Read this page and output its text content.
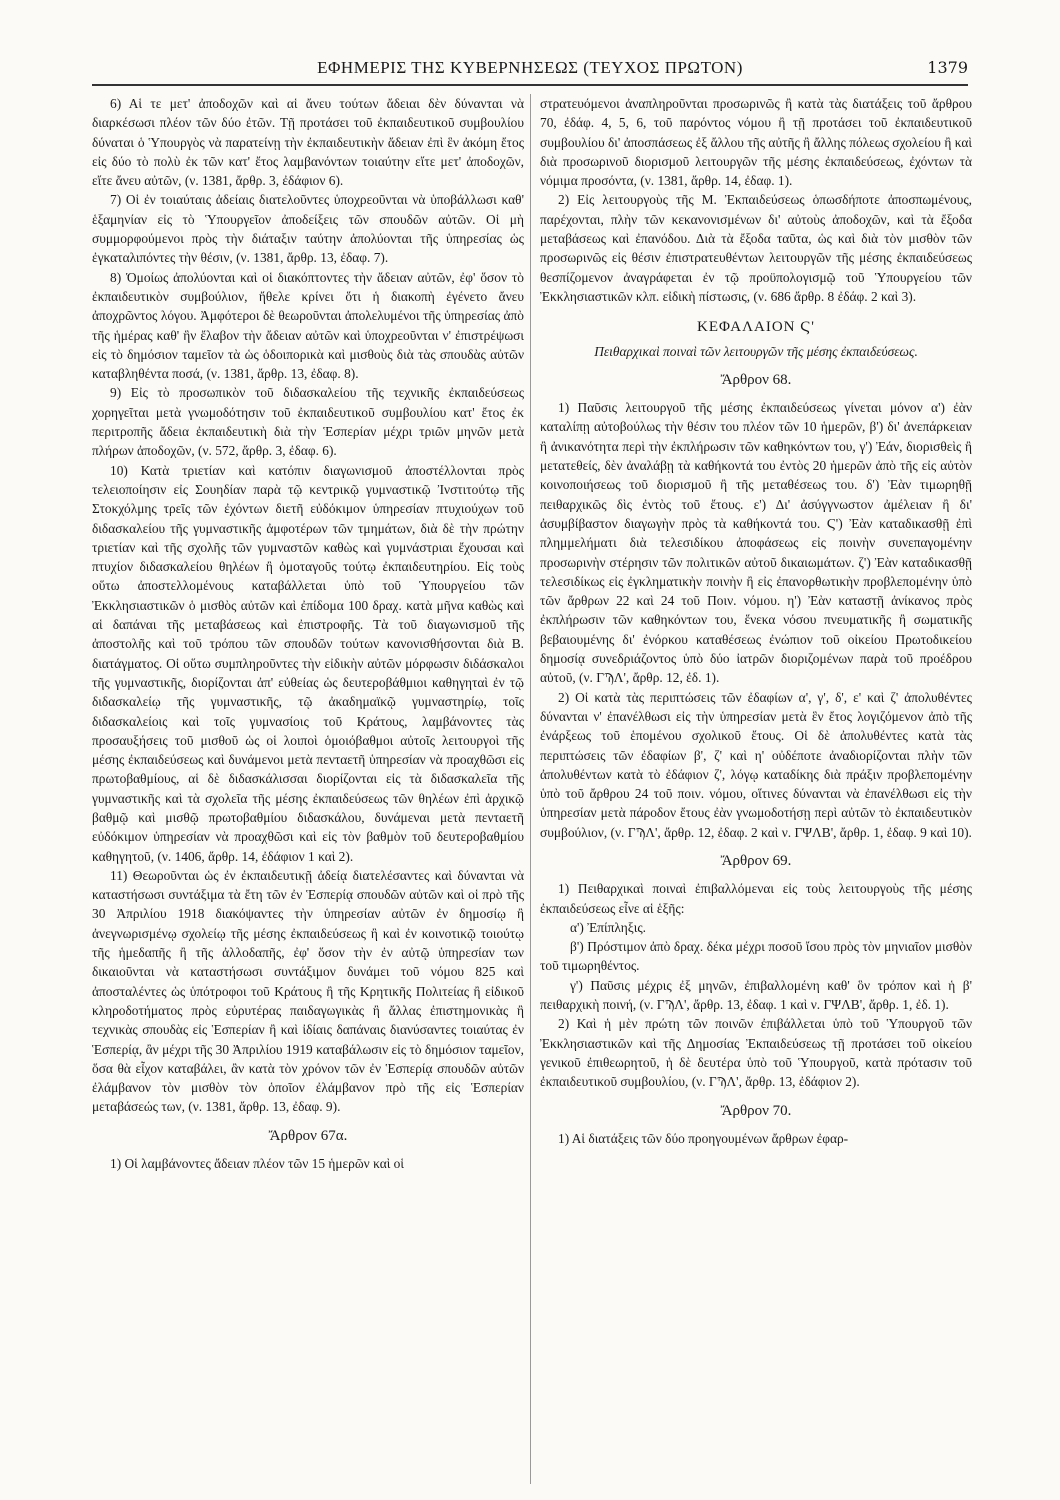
ΕΦΗΜΕΡΙΣ ΤΗΣ ΚΥΒΕΡΝΗΣΕΩΣ (ΤΕΥΧΟΣ ΠΡΩΤΟΝ)	1379

6) Αἱ τε μετ' ἀποδοχῶν καὶ αἱ ἄνευ τούτων ἄδειαι δὲν δύνανται νὰ διαρκέσωσι πλέον τῶν δύο ἐτῶν. Τῇ προτάσει τοῦ ἐκπαιδευτικοῦ συμβουλίου δύναται ὁ Ὑπουργὸς νὰ παρατείνῃ τὴν ἐκπαιδευτικὴν ἄδειαν ἐπὶ ἓν ἀκόμη ἔτος εἰς δύο τὸ πολὺ ἐκ τῶν κατ' ἔτος λαμβανόντων τοιαύτην εἴτε μετ' ἀποδοχῶν, εἴτε ἄνευ αὐτῶν, (ν. 1381, ἄρθρ. 3, ἐδάφιον 6).

7) Οἱ ἐν τοιαύταις ἀδείαις διατελοῦντες ὑποχρεοῦνται νὰ ὑποβάλλωσι καθ' ἑξαμηνίαν εἰς τὸ Ὑπουργεῖον ἀποδείξεις τῶν σπουδῶν αὐτῶν. Οἱ μὴ συμμορφούμενοι πρὸς τὴν διάταξιν ταύτην ἀπολύονται τῆς ὑπηρεσίας ὡς ἐγκαταλιπόντες τὴν θέσιν, (ν. 1381, ἄρθρ. 13, ἐδαφ. 7).

8) Ὁμοίως ἀπολύονται καὶ οἱ διακόπτοντες τὴν ἄδειαν αὐτῶν, ἐφ' ὅσον τὸ ἐκπαιδευτικὸν συμβούλιον, ἤθελε κρίνει ὅτι ἡ διακοπὴ ἐγένετο ἄνευ ἀποχρῶντος λόγου. Ἀμφότεροι δὲ θεωροῦνται ἀπολελυμένοι τῆς ὑπηρεσίας ἀπὸ τῆς ἡμέρας καθ' ἣν ἔλαβον τὴν ἄδειαν αὐτῶν καὶ ὑποχρεοῦνται ν' ἐπιστρέψωσι εἰς τὸ δημόσιον ταμεῖον τὰ ὡς ὁδοιπορικὰ καὶ μισθοὺς διὰ τὰς σπουδὰς αὐτῶν καταβληθέντα ποσά, (ν. 1381, ἄρθρ. 13, ἐδαφ. 8).

9) Εἰς τὸ προσωπικὸν τοῦ διδασκαλείου τῆς τεχνικῆς ἐκπαιδεύσεως χορηγεῖται μετὰ γνωμοδότησιν τοῦ ἐκπαιδευτικοῦ συμβουλίου κατ' ἔτος ἐκ περιτροπῆς ἄδεια ἐκπαιδευτικὴ διὰ τὴν Ἑσπερίαν μέχρι τριῶν μηνῶν μετὰ πλήρων ἀποδοχῶν, (ν. 572, ἄρθρ. 3, ἐδαφ. 6).

10) Κατὰ τριετίαν καὶ κατόπιν διαγωνισμοῦ ἀποστέλλονται πρὸς τελειοποίησιν εἰς Σουηδίαν παρὰ τῷ κεντρικῷ γυμναστικῷ Ἰνστιτούτῳ τῆς Στοκχόλμης τρεῖς τῶν ἐχόντων διετῆ εὐδόκιμον ὑπηρεσίαν πτυχιούχων τοῦ διδασκαλείου τῆς γυμναστικῆς ἀμφοτέρων τῶν τμημάτων, διὰ δὲ τὴν πρώτην τριετίαν καὶ τῆς σχολῆς τῶν γυμναστῶν καθὼς καὶ γυμνάστριαι ἔχουσαι καὶ πτυχίον διδασκαλείου θηλέων ἢ ὁμοταγοῦς τούτῳ ἐκπαιδευτηρίου. Εἰς τοὺς οὕτω ἀποστελλομένους καταβάλλεται ὑπὸ τοῦ Ὑπουργείου τῶν Ἐκκλησιαστικῶν ὁ μισθὸς αὐτῶν καὶ ἐπίδομα 100 δραχ. κατὰ μῆνα καθὼς καὶ αἱ δαπάναι τῆς μεταβάσεως καὶ ἐπιστροφῆς. Τὰ τοῦ διαγωνισμοῦ τῆς ἀποστολῆς καὶ τοῦ τρόπου τῶν σπουδῶν τούτων κανονισθήσονται διὰ Β. διατάγματος. Οἱ οὕτω συμπληροῦντες τὴν εἰδικὴν αὐτῶν μόρφωσιν διδάσκαλοι τῆς γυμναστικῆς, διορίζονται ἀπ' εὐθείας ὡς δευτεροβάθμιοι καθηγηταὶ ἐν τῷ διδασκαλείῳ τῆς γυμναστικῆς, τῷ ἀκαδημαϊκῷ γυμναστηρίῳ, τοῖς διδασκαλείοις καὶ τοῖς γυμνασίοις τοῦ Κράτους, λαμβάνοντες τὰς προσαυξήσεις τοῦ μισθοῦ ὡς οἱ λοιποὶ ὁμοιόβαθμοι αὐτοῖς λειτουργοὶ τῆς μέσης ἐκπαιδεύσεως καὶ δυνάμενοι μετὰ πενταετῆ ὑπηρεσίαν νὰ προαχθῶσι εἰς πρωτοβαθμίους, αἱ δὲ διδασκάλισσαι διορίζονται εἰς τὰ διδασκαλεῖα τῆς γυμναστικῆς καὶ τὰ σχολεῖα τῆς μέσης ἐκπαιδεύσεως τῶν θηλέων ἐπὶ ἀρχικῷ βαθμῷ καὶ μισθῷ πρωτοβαθμίου διδασκάλου, δυνάμεναι μετὰ πενταετῆ εὐδόκιμον ὑπηρεσίαν νὰ προαχθῶσι καὶ εἰς τὸν βαθμὸν τοῦ δευτεροβαθμίου καθηγητοῦ, (ν. 1406, ἄρθρ. 14, ἐδάφιον 1 καὶ 2).

11) Θεωροῦνται ὡς ἐν ἐκπαιδευτικῇ ἀδείᾳ διατελέσαντες καὶ δύνανται νὰ καταστήσωσι συντάξιμα τὰ ἔτη τῶν ἐν Ἑσπερίᾳ σπουδῶν αὐτῶν καὶ οἱ πρὸ τῆς 30 Ἀπριλίου 1918 διακόψαντες τὴν ὑπηρεσίαν αὐτῶν ἐν δημοσίῳ ἢ ἀνεγνωρισμένῳ σχολείῳ τῆς μέσης ἐκπαιδεύσεως ἢ καὶ ἐν κοινοτικῷ τοιούτῳ τῆς ἡμεδαπῆς ἢ τῆς ἀλλοδαπῆς, ἐφ' ὅσον τὴν ἐν αὐτῷ ὑπηρεσίαν των δικαιοῦνται νὰ καταστήσωσι συντάξιμον δυνάμει τοῦ νόμου 825 καὶ ἀποσταλέντες ὡς ὑπότροφοι τοῦ Κράτους ἢ τῆς Κρητικῆς Πολιτείας ἢ εἰδικοῦ κληροδοτήματος πρὸς εὐρυτέρας παιδαγωγικὰς ἢ ἄλλας ἐπιστημονικὰς ἢ τεχνικὰς σπουδὰς εἰς Ἑσπερίαν ἢ καὶ ἰδίαις δαπάναις διανύσαντες τοιαύτας ἐν Ἑσπερίᾳ, ἂν μέχρι τῆς 30 Ἀπριλίου 1919 καταβάλωσιν εἰς τὸ δημόσιον ταμεῖον, ὅσα θὰ εἶχον καταβάλει, ἂν κατὰ τὸν χρόνον τῶν ἐν Ἑσπερίᾳ σπουδῶν αὐτῶν ἐλάμβανον τὸν μισθὸν τὸν ὁποῖον ἐλάμβανον πρὸ τῆς εἰς Ἑσπερίαν μεταβάσεώς των, (ν. 1381, ἄρθρ. 13, ἐδαφ. 9).

Ἄρθρον 67α.

1) Οἱ λαμβάνοντες ἄδειαν πλέον τῶν 15 ἡμερῶν καὶ οἱ

στρατευόμενοι ἀναπληροῦνται προσωρινῶς ἢ κατὰ τὰς διατάξεις τοῦ ἄρθρου 70, ἐδάφ. 4, 5, 6, τοῦ παρόντος νόμου ἢ τῇ προτάσει τοῦ ἐκπαιδευτικοῦ συμβουλίου δι' ἀποσπάσεως ἐξ ἄλλου τῆς αὐτῆς ἢ ἄλλης πόλεως σχολείου ἢ καὶ διὰ προσωρινοῦ διορισμοῦ λειτουργῶν τῆς μέσης ἐκπαιδεύσεως, ἐχόντων τὰ νόμιμα προσόντα, (ν. 1381, ἄρθρ. 14, ἐδαφ. 1).

2) Εἰς λειτουργοὺς τῆς Μ. Ἐκπαιδεύσεως ὁπωσδήποτε ἀποσπωμένους, παρέχονται, πλὴν τῶν κεκανονισμένων δι' αὐτοὺς ἀποδοχῶν, καὶ τὰ ἔξοδα μεταβάσεως καὶ ἐπανόδου. Διὰ τὰ ἔξοδα ταῦτα, ὡς καὶ διὰ τὸν μισθὸν τῶν προσωρινῶς εἰς θέσιν ἐπιστρατευθέντων λειτουργῶν τῆς μέσης ἐκπαιδεύσεως θεσπίζομενον ἀναγράφεται ἐν τῷ προϋπολογισμῷ τοῦ Ὑπουργείου τῶν Ἐκκλησιαστικῶν κλπ. εἰδικὴ πίστωσις, (ν. 686 ἄρθρ. 8 ἐδάφ. 2 καὶ 3).

ΚΕΦΑΛΑΙΟΝ Ϛ'

Πειθαρχικαὶ ποιναὶ τῶν λειτουργῶν τῆς μέσης ἐκπαιδεύσεως.

Ἄρθρον 68.

1) Παῦσις λειτουργοῦ τῆς μέσης ἐκπαιδεύσεως γίνεται μόνον α') ἐὰν καταλίπῃ αὐτοβούλως τὴν θέσιν του πλέον τῶν 10 ἡμερῶν, β') δι' ἀνεπάρκειαν ἢ ἀνικανότητα περὶ τὴν ἐκπλήρωσιν τῶν καθηκόντων του, γ') Ἐάν, διορισθεὶς ἢ μετατεθείς, δὲν ἀναλάβῃ τὰ καθήκοντά του ἐντὸς 20 ἡμερῶν ἀπὸ τῆς εἰς αὐτὸν κοινοποιήσεως τοῦ διορισμοῦ ἢ τῆς μεταθέσεως του. δ') Ἐὰν τιμωρηθῇ πειθαρχικῶς δὶς ἐντὸς τοῦ ἔτους. ε') Δι' ἀσύγγνωστον ἀμέλειαν ἢ δι' ἀσυμβίβαστον διαγωγὴν πρὸς τὰ καθήκοντά του. Ϛ') Ἐὰν καταδικασθῇ ἐπὶ πλημμελήματι διὰ τελεσιδίκου ἀποφάσεως εἰς ποινὴν συνεπαγομένην προσωρινὴν στέρησιν τῶν πολιτικῶν αὐτοῦ δικαιωμάτων. ζ') Ἐὰν καταδικασθῇ τελεσιδίκως εἰς ἐγκληματικὴν ποινὴν ἢ εἰς ἐπανορθωτικὴν προβλεπομένην ὑπὸ τῶν ἄρθρων 22 καὶ 24 τοῦ Ποιν. νόμου. η') Ἐὰν καταστῇ ἀνίκανος πρὸς ἐκπλήρωσιν τῶν καθηκόντων του, ἕνεκα νόσου πνευματικῆς ἢ σωματικῆς βεβαιουμένης δι' ἐνόρκου καταθέσεως ἐνώπιον τοῦ οἰκείου Πρωτοδικείου δημοσίᾳ συνεδριάζοντος ὑπὸ δύο ἰατρῶν διοριζομένων παρὰ τοῦ προέδρου αὐτοῦ, (ν. ΓϠΛ', ἄρθρ. 12, ἐδ. 1).

2) Οἱ κατὰ τὰς περιπτώσεις τῶν ἐδαφίων α', γ', δ', ε' καὶ ζ' ἀπολυθέντες δύνανται ν' ἐπανέλθωσι εἰς τὴν ὑπηρεσίαν μετὰ ἓν ἔτος λογιζόμενον ἀπὸ τῆς ἐνάρξεως τοῦ ἑπομένου σχολικοῦ ἔτους. Οἱ δὲ ἀπολυθέντες κατὰ τὰς περιπτώσεις τῶν ἐδαφίων β', ζ' καὶ η' οὐδέποτε ἀναδιορίζονται πλὴν τῶν ἀπολυθέντων κατὰ τὸ ἐδάφιον ζ', λόγῳ καταδίκης διὰ πράξιν προβλεπομένην ὑπὸ τοῦ ἄρθρου 24 τοῦ ποιν. νόμου, οἵτινες δύνανται νὰ ἐπανέλθωσι εἰς τὴν ὑπηρεσίαν μετὰ πάροδον ἔτους ἐὰν γνωμοδοτήσῃ περὶ αὐτῶν τὸ ἐκπαιδευτικὸν συμβούλιον, (ν. ΓϠΛ', ἄρθρ. 12, ἐδαφ. 2 καὶ ν. ΓΨΛΒ', ἄρθρ. 1, ἐδαφ. 9 καὶ 10).

Ἄρθρον 69.

1) Πειθαρχικαὶ ποιναὶ ἐπιβαλλόμεναι εἰς τοὺς λειτουργοὺς τῆς μέσης ἐκπαιδεύσεως εἶνε αἱ ἑξῆς:

α') Ἐπίπληξις.

β') Πρόστιμον ἀπὸ δραχ. δέκα μέχρι ποσοῦ ἴσου πρὸς τὸν μηνιαῖον μισθὸν τοῦ τιμωρηθέντος.

γ') Παῦσις μέχρις ἐξ μηνῶν, ἐπιβαλλομένη καθ' ὃν τρόπον καὶ ἡ β' πειθαρχικὴ ποινή, (ν. ΓϠΛ', ἄρθρ. 13, ἐδαφ. 1 καὶ ν. ΓΨΛΒ', ἄρθρ. 1, ἐδ. 1).

2) Καὶ ἡ μὲν πρώτη τῶν ποινῶν ἐπιβάλλεται ὑπὸ τοῦ Ὑπουργοῦ τῶν Ἐκκλησιαστικῶν καὶ τῆς Δημοσίας Ἐκπαιδεύσεως τῇ προτάσει τοῦ οἰκείου γενικοῦ ἐπιθεωρητοῦ, ἡ δὲ δευτέρα ὑπὸ τοῦ Ὑπουργοῦ, κατὰ πρότασιν τοῦ ἐκπαιδευτικοῦ συμβουλίου, (ν. ΓϠΛ', ἄρθρ. 13, ἐδάφιον 2).

Ἄρθρον 70.

1) Αἱ διατάξεις τῶν δύο προηγουμένων ἄρθρων ἐφαρ-
